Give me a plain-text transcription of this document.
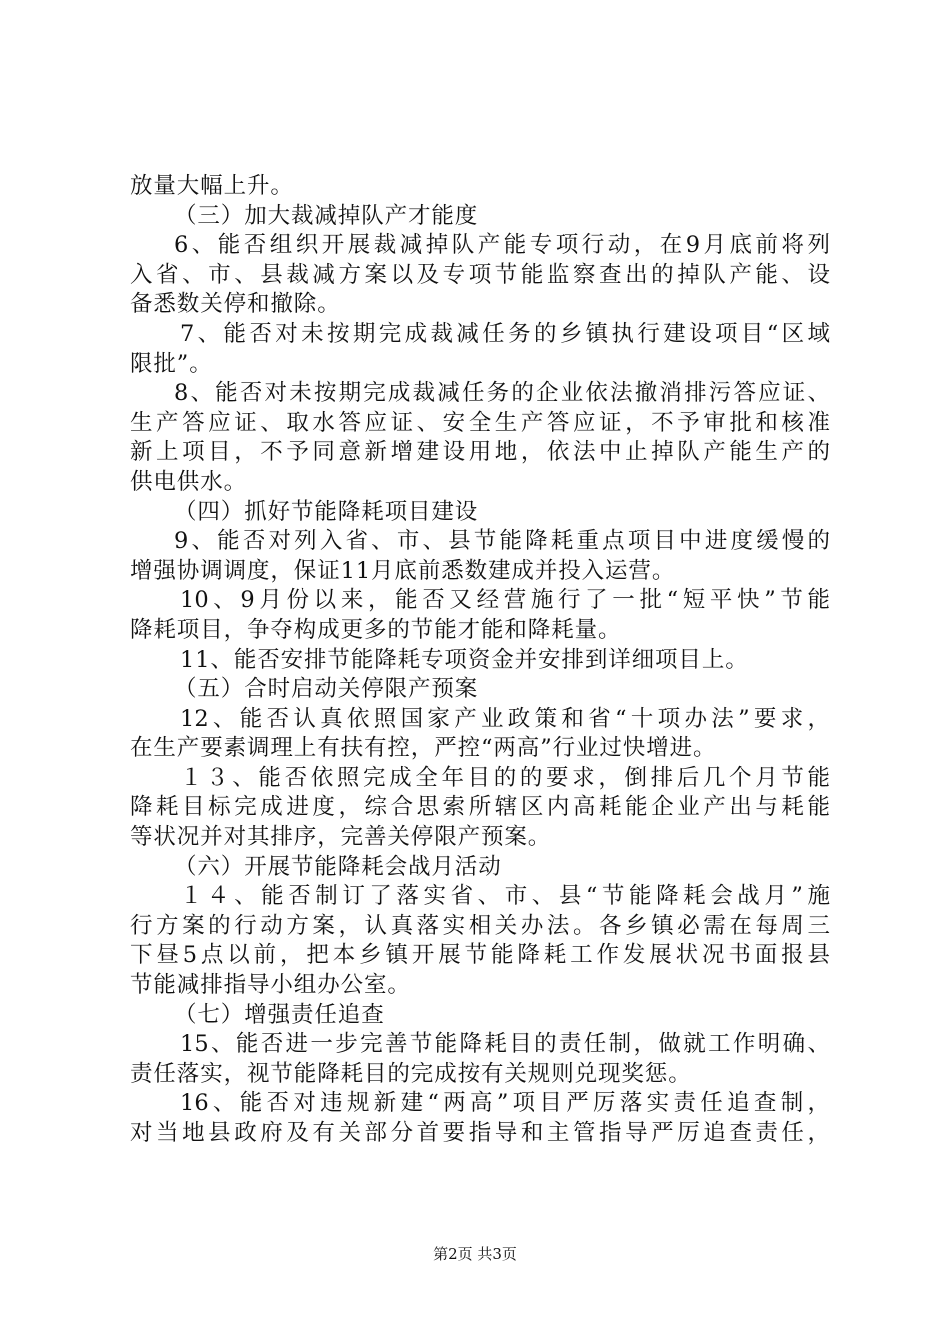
放量大幅上升。
（三）加大裁减掉队产才能度
6、能否组织开展裁减掉队产能专项行动，在9月底前将列
入省、市、县裁减方案以及专项节能监察查出的掉队产能、设
备悉数关停和撤除。
7、能否对未按期完成裁减任务的乡镇执行建设项目“区域
限批”。
8、能否对未按期完成裁减任务的企业依法撤消排污答应证、
生产答应证、取水答应证、安全生产答应证，不予审批和核准
新上项目，不予同意新增建设用地，依法中止掉队产能生产的
供电供水。
（四）抓好节能降耗项目建设
9、能否对列入省、市、县节能降耗重点项目中进度缓慢的
增强协调调度，保证11月底前悉数建成并投入运营。
10、9月份以来，能否又经营施行了一批“短平快”节能
降耗项目，争夺构成更多的节能才能和降耗量。
11、能否安排节能降耗专项资金并安排到详细项目上。
（五）合时启动关停限产预案
12、能否认真依照国家产业政策和省“十项办法”要求，
在生产要素调理上有扶有控，严控“两高”行业过快增进。
１３、能否依照完成全年目的的要求，倒排后几个月节能
降耗目标完成进度，综合思索所辖区内高耗能企业产出与耗能
等状况并对其排序，完善关停限产预案。
（六）开展节能降耗会战月活动
１４、能否制订了落实省、市、县“节能降耗会战月”施
行方案的行动方案，认真落实相关办法。各乡镇必需在每周三
下昼5点以前，把本乡镇开展节能降耗工作发展状况书面报县
节能减排指导小组办公室。
（七）增强责任追查
15、能否进一步完善节能降耗目的责任制，做就工作明确、
责任落实，视节能降耗目的完成按有关规则兑现奖惩。
16、能否对违规新建“两高”项目严厉落实责任追查制，
对当地县政府及有关部分首要指导和主管指导严厉追查责任，
第2页 共3页
